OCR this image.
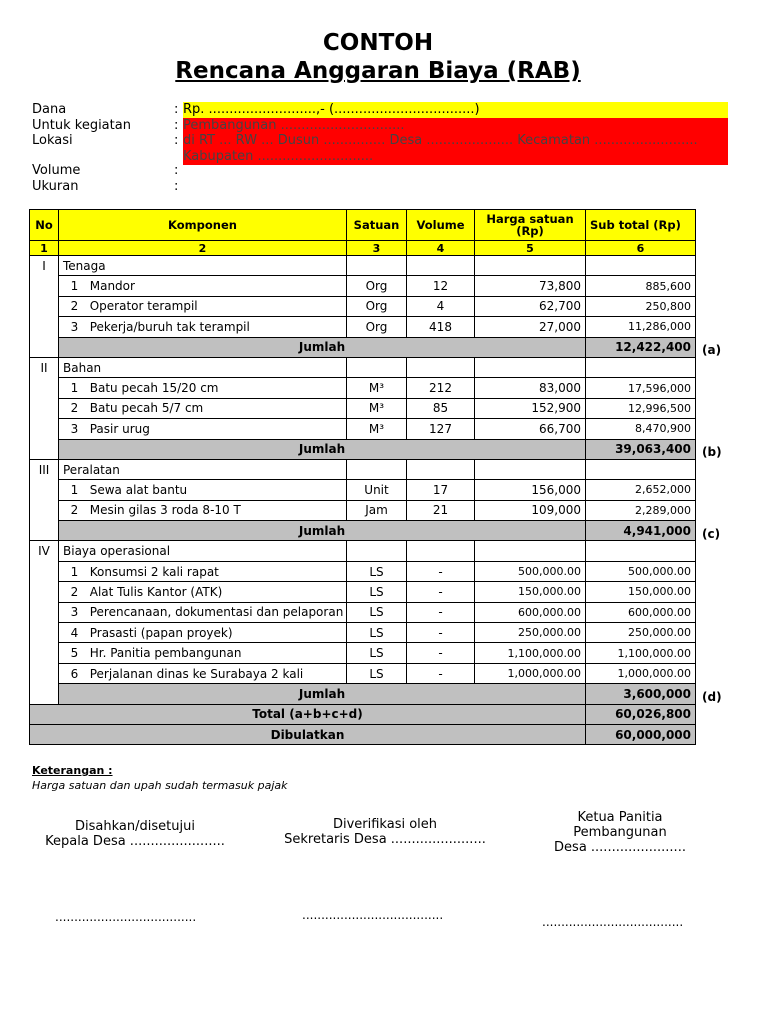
CONTOH
Rencana Anggaran Biaya (RAB)
Dana	: Rp. ..........................,- (..................................)
Untuk kegiatan	: Pembangunan ..............................
Lokasi	: di RT ... RW ... Dusun ............... Desa ..................... Kecamatan .........................
Kabupaten ............................
Volume	:
Ukuran	:
No	Komponen	Satuan	Volume	Harga satuan (Rp)	Sub total (Rp)
1	2	3	4	5	6
I	Tenaga				
	1 Mandor	Org	12	73,800	885,600
	2 Operator terampil	Org	4	62,700	250,800
	3 Pekerja/buruh tak terampil	Org	418	27,000	11,286,000
	Jumlah				12,422,400
II	Bahan				
	1 Batu pecah 15/20 cm	M³	212	83,000	17,596,000
	2 Batu pecah 5/7 cm	M³	85	152,900	12,996,500
	3 Pasir urug	M³	127	66,700	8,470,900
	Jumlah				39,063,400
III	Peralatan				
	1 Sewa alat bantu	Unit	17	156,000	2,652,000
	2 Mesin gilas 3 roda 8-10 T	Jam	21	109,000	2,289,000
	Jumlah				4,941,000
IV	Biaya operasional				
	1 Konsumsi 2 kali rapat	LS	-	500,000.00	500,000.00
	2 Alat Tulis Kantor (ATK)	LS	-	150,000.00	150,000.00
	3 Perencanaan, dokumentasi dan pelaporan	LS	-	600,000.00	600,000.00
	4 Prasasti (papan proyek)	LS	-	250,000.00	250,000.00
	5 Hr. Panitia pembangunan	LS	-	1,100,000.00	1,100,000.00
	6 Perjalanan dinas ke Surabaya 2 kali	LS	-	1,000,000.00	1,000,000.00
	Jumlah				3,600,000
Total (a+b+c+d)					60,026,800
Dibulatkan					60,000,000
(a)
(b)
(c)
(d)
Keterangan :
Harga satuan dan upah sudah termasuk pajak
Disahkan/disetujui
Kepala Desa .......................
.....................................
Diverifikasi oleh
Sekretaris Desa .......................
.....................................
Ketua Panitia
Pembangunan
Desa .......................
.....................................
